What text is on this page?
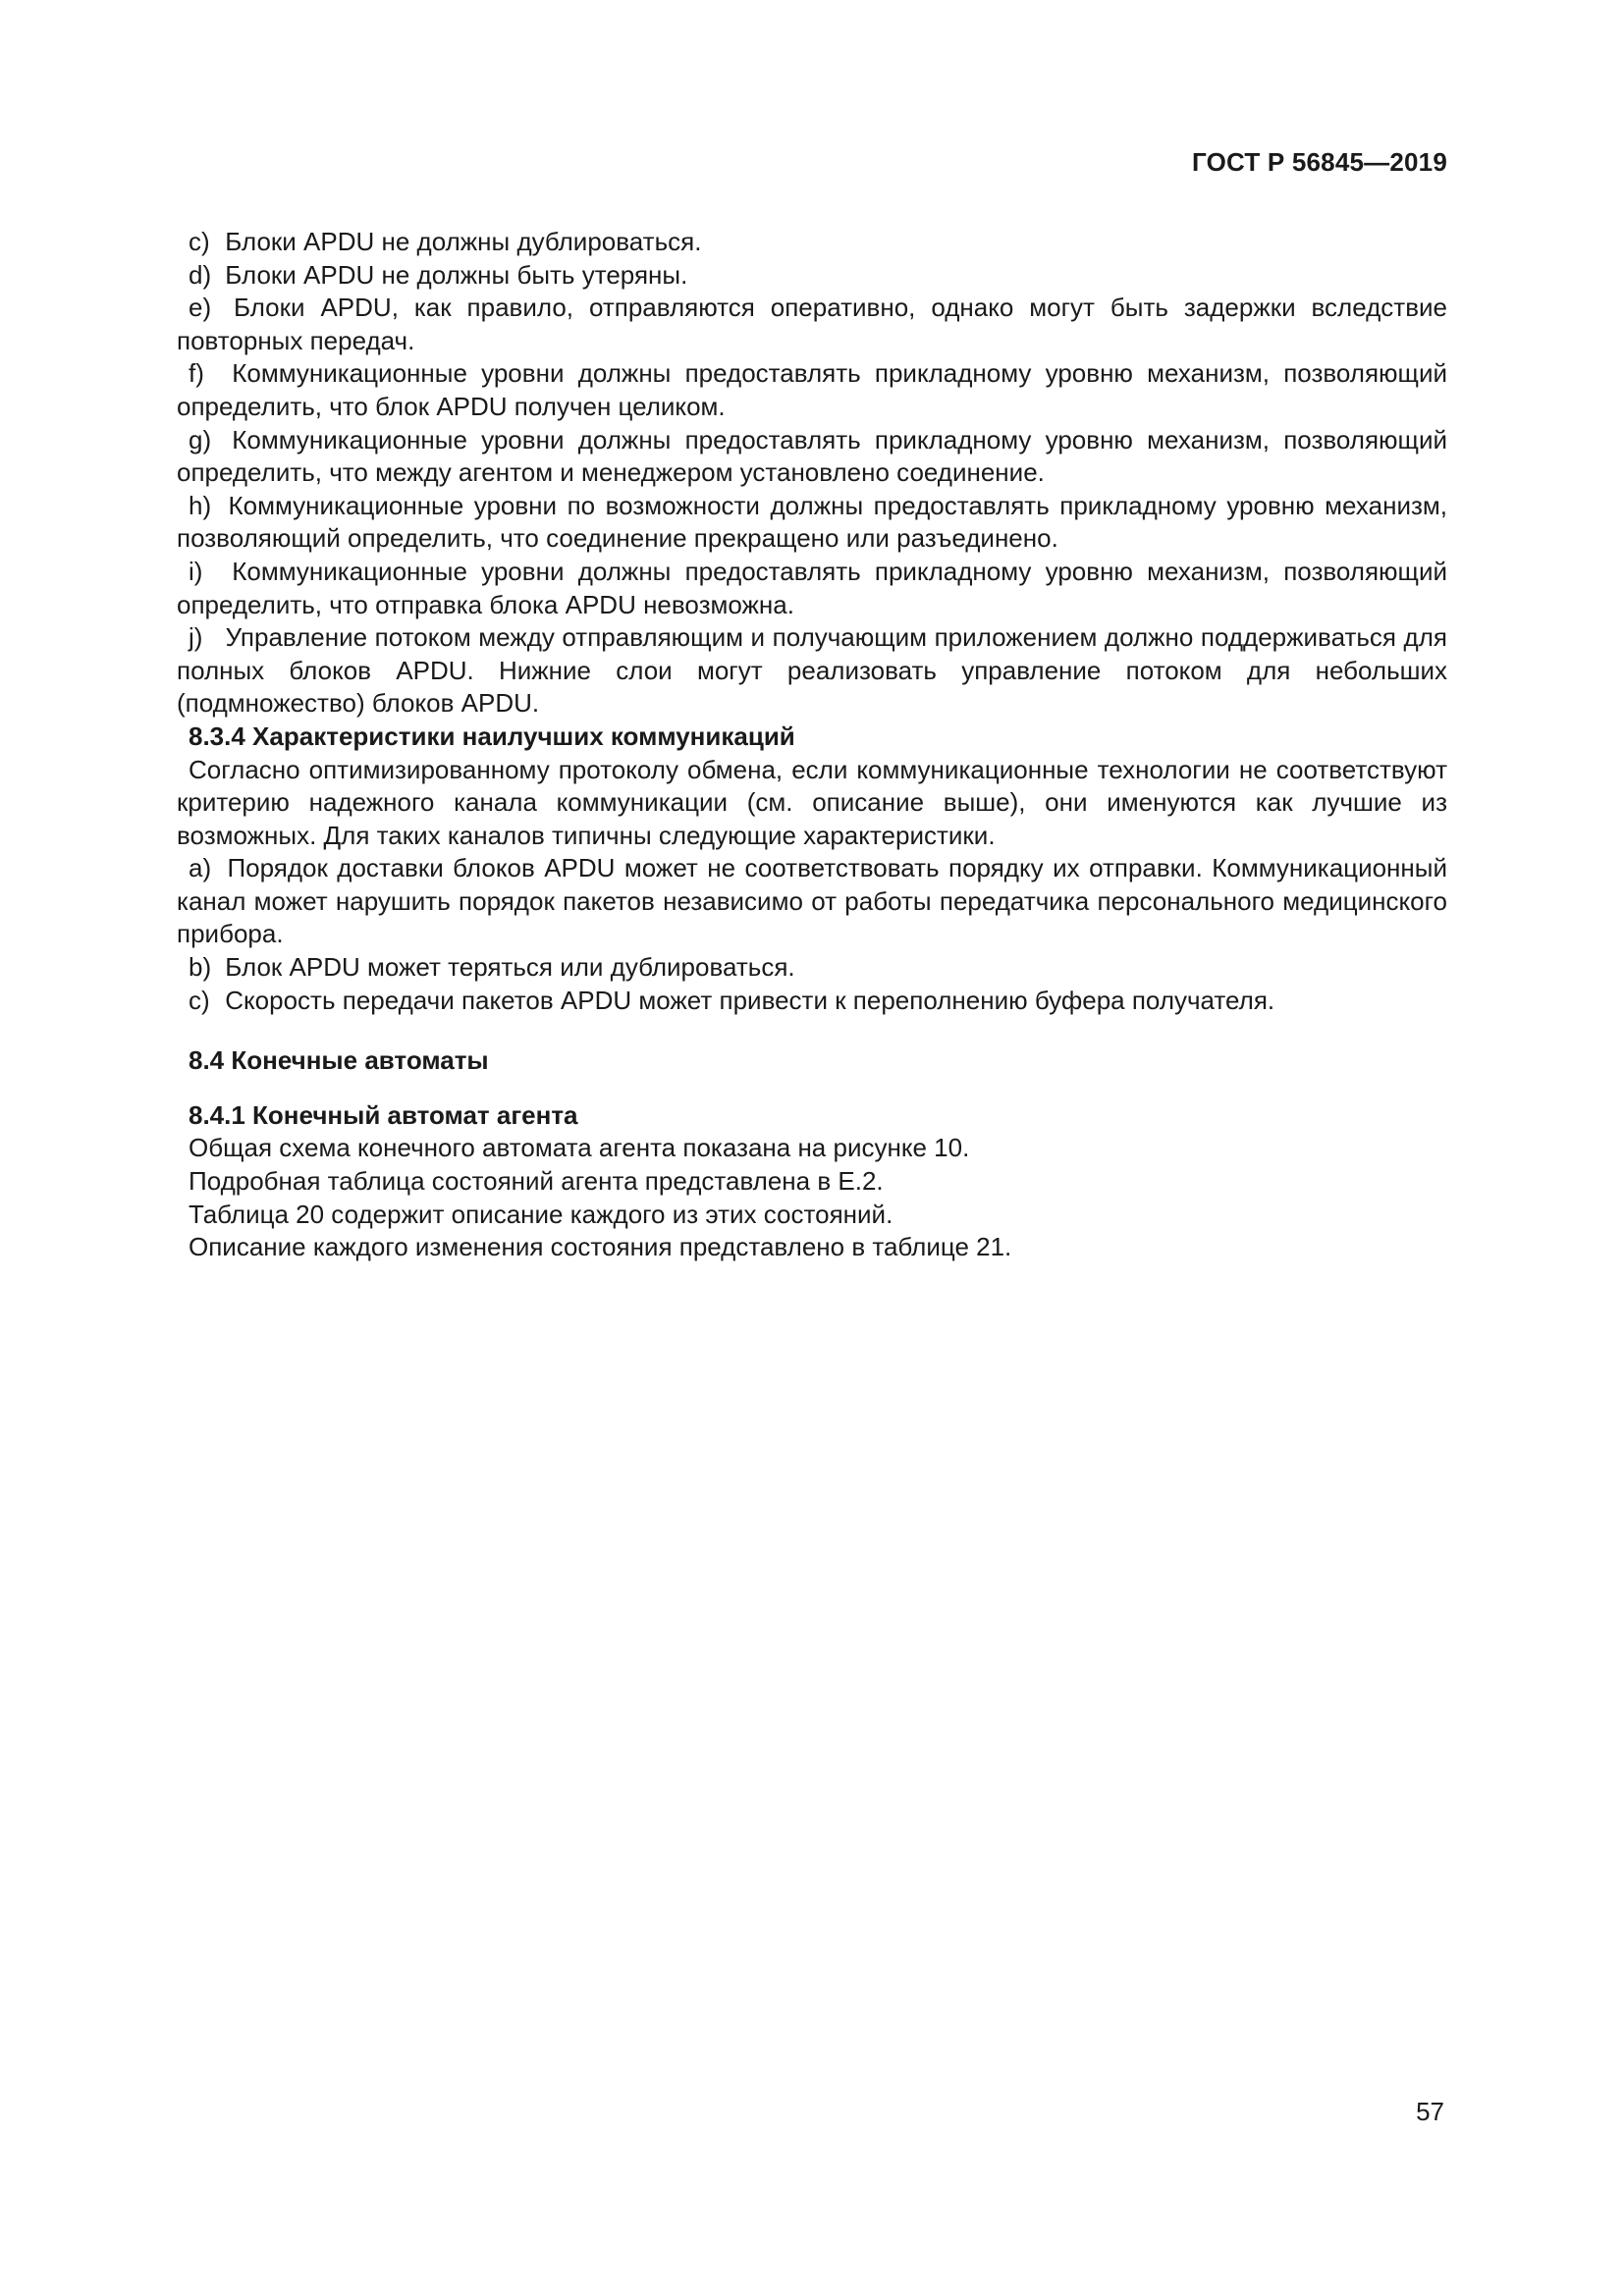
ГОСТ Р 56845—2019

c) Блоки APDU не должны дублироваться.

d) Блоки APDU не должны быть утеряны.

e) Блоки APDU, как правило, отправляются оперативно, однако могут быть задержки вследствие повторных передач.

f) Коммуникационные уровни должны предоставлять прикладному уровню механизм, позволяющий определить, что блок APDU получен целиком.

g) Коммуникационные уровни должны предоставлять прикладному уровню механизм, позволяющий определить, что между агентом и менеджером установлено соединение.

h) Коммуникационные уровни по возможности должны предоставлять прикладному уровню механизм, позволяющий определить, что соединение прекращено или разъединено.

i) Коммуникационные уровни должны предоставлять прикладному уровню механизм, позволяющий определить, что отправка блока APDU невозможна.

j) Управление потоком между отправляющим и получающим приложением должно поддерживаться для полных блоков APDU. Нижние слои могут реализовать управление потоком для небольших (подмножество) блоков APDU.

8.3.4 Характеристики наилучших коммуникаций

Согласно оптимизированному протоколу обмена, если коммуникационные технологии не соответствуют критерию надежного канала коммуникации (см. описание выше), они именуются как лучшие из возможных. Для таких каналов типичны следующие характеристики.

a) Порядок доставки блоков APDU может не соответствовать порядку их отправки. Коммуникационный канал может нарушить порядок пакетов независимо от работы передатчика персонального медицинского прибора.

b) Блок APDU может теряться или дублироваться.

c) Скорость передачи пакетов APDU может привести к переполнению буфера получателя.

8.4 Конечные автоматы

8.4.1 Конечный автомат агента

Общая схема конечного автомата агента показана на рисунке 10.

Подробная таблица состояний агента представлена в Е.2.

Таблица 20 содержит описание каждого из этих состояний.

Описание каждого изменения состояния представлено в таблице 21.

57
